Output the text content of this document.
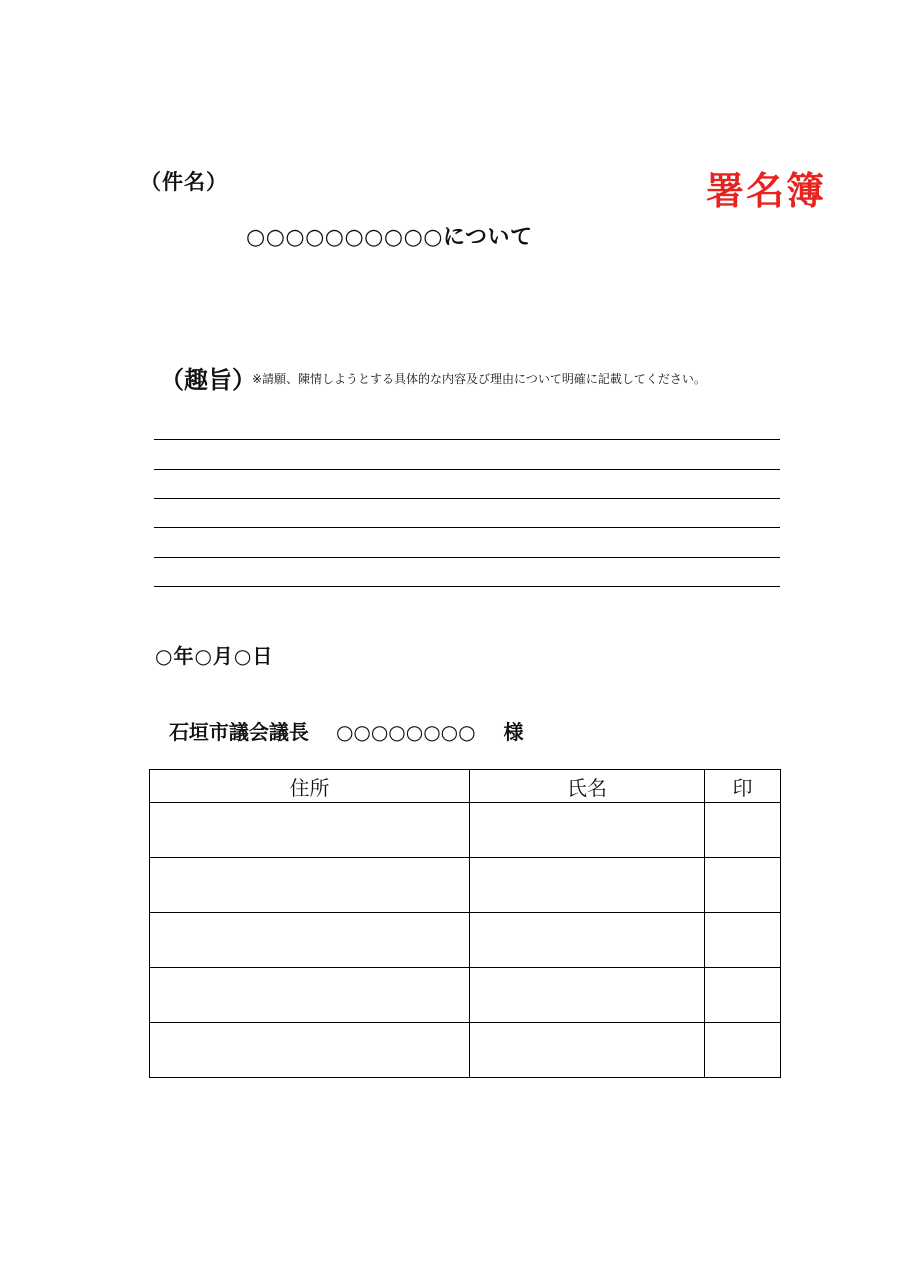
（件名）	署名簿
○○○○○○○○○○について
（趣旨）
※請願、陳情しようとする具体的な内容及び理由について明確に記載してください。
○年○月○日

石垣市議会議長 ○○○○○○○○ 様

住所	氏名	印
